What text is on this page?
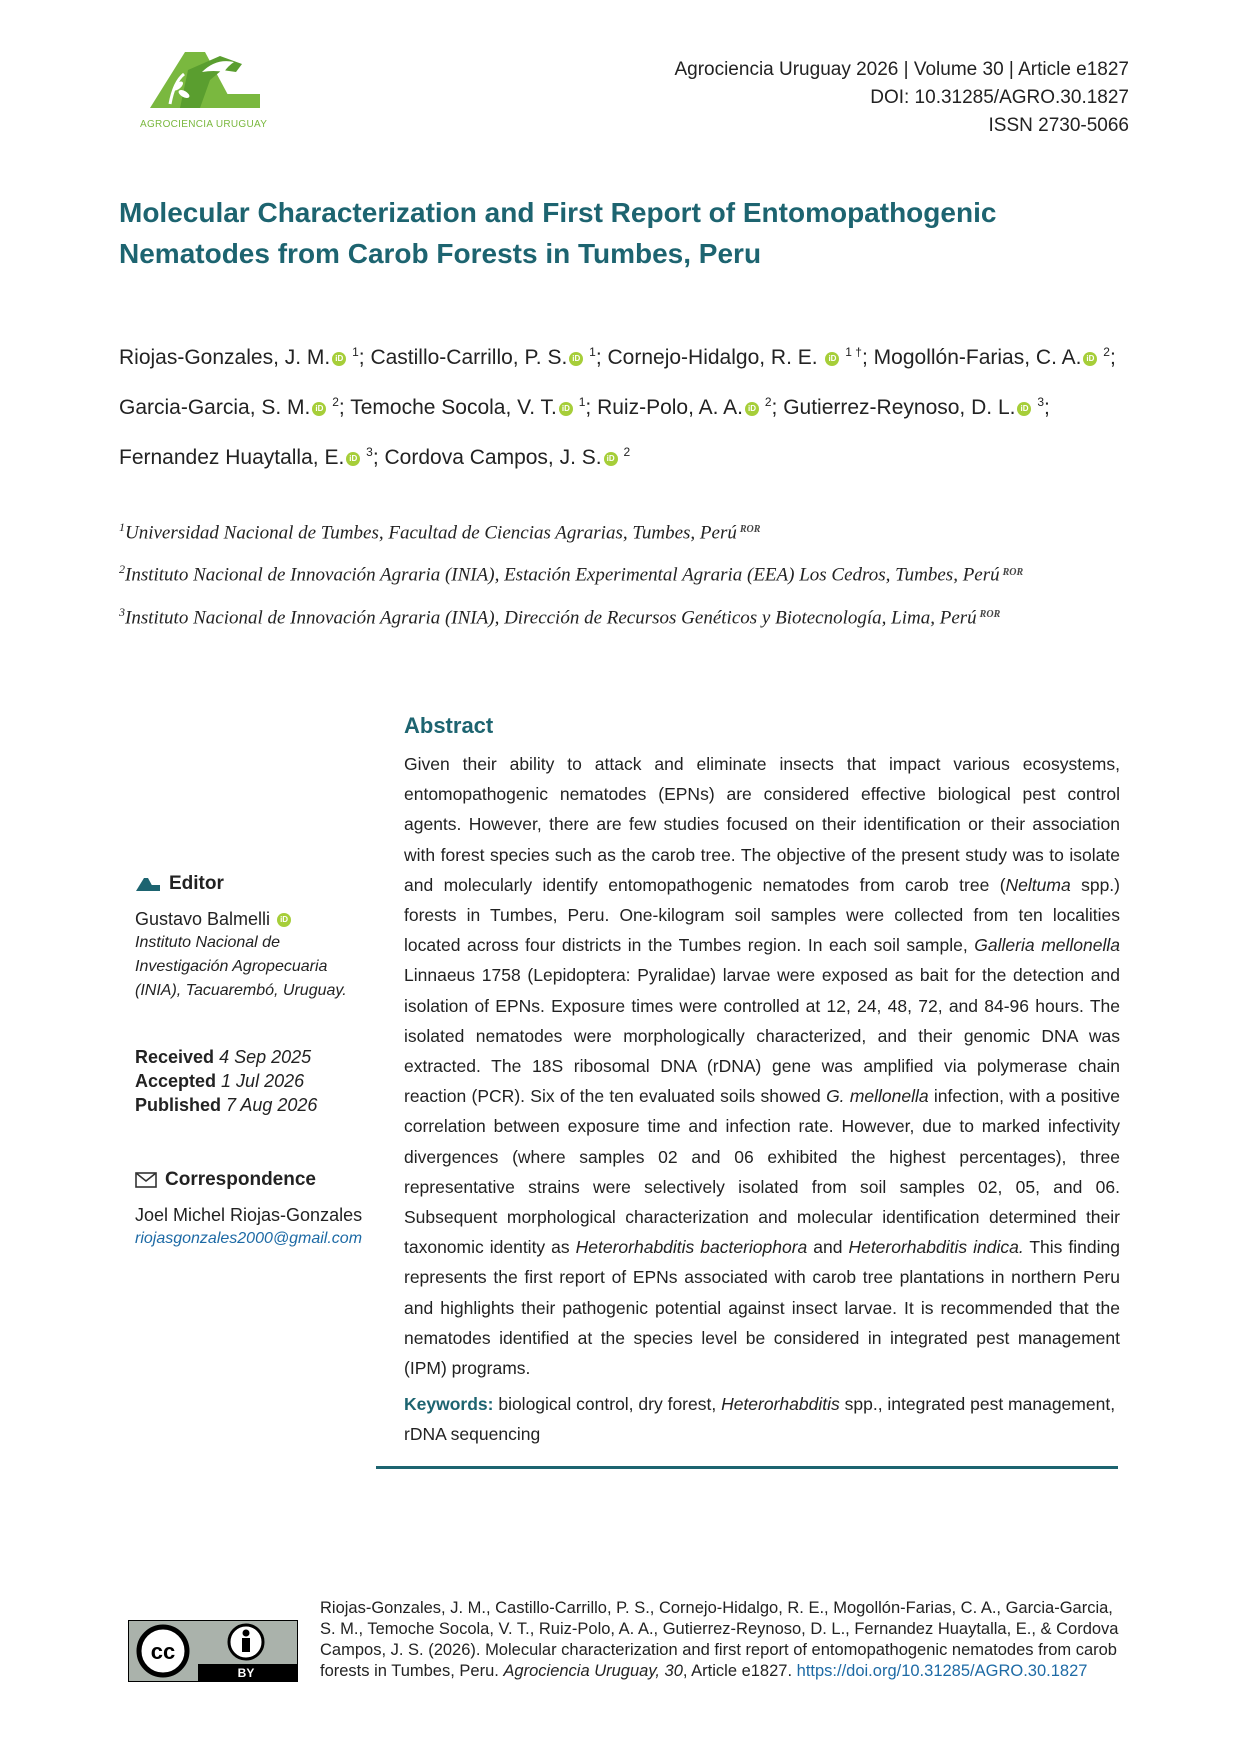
AGROCIENCIA URUGUAY
Agrociencia Uruguay 2026 | Volume 30 | Article e1827
DOI: 10.31285/AGRO.30.1827
ISSN 2730-5066
Molecular Characterization and First Report of Entomopathogenic
Nematodes from Carob Forests in Tumbes, Peru
Riojas-Gonzales, J. M. iD $^1$; Castillo-Carrillo, P. S. iD $^1$; Cornejo-Hidalgo, R. E. iD $^{1 \dagger}$; Mogollón-Farias, C. A. iD $^2$;
Garcia-Garcia, S. M. iD $^2$; Temoche Socola, V. T. iD $^1$; Ruiz-Polo, A. A. iD $^2$; Gutierrez-Reynoso, D. L. iD $^3$;
Fernandez Huaytalla, E. iD $^3$; Cordova Campos, J. S. iD $^2$
$^1$Universidad Nacional de Tumbes, Facultad de Ciencias Agrarias, Tumbes, Perú $^{ROR}$
$^2$Instituto Nacional de Innovación Agraria (INIA), Estación Experimental Agraria (EEA) Los Cedros, Tumbes, Perú $^{ROR}$
$^3$Instituto Nacional de Innovación Agraria (INIA), Dirección de Recursos Genéticos y Biotecnología, Lima, Perú $^{ROR}$
Editor
Gustavo Balmelli iD
Instituto Nacional de
Investigación Agropecuaria
(INIA), Tacuarembó, Uruguay.
Received 4 Sep 2025
Accepted 1 Jul 2026
Published 7 Aug 2026
Correspondence
Joel Michel Riojas-Gonzales
riojasgonzales2000@gmail.com
Abstract

Given their ability to attack and eliminate insects that impact various ecosystems, entomopathogenic nematodes (EPNs) are considered effective biological pest control agents. However, there are few studies focused on their identification or their association with forest species such as the carob tree. The objective of the present study was to isolate and molecularly identify entomopathogenic nematodes from carob tree (Neltuma spp.) forests in Tumbes, Peru. One-kilogram soil samples were collected from ten localities located across four districts in the Tumbes region. In each soil sample, Galleria mellonella Linnaeus 1758 (Lepidoptera: Pyralidae) larvae were exposed as bait for the detection and isolation of EPNs. Exposure times were controlled at 12, 24, 48, 72, and 84-96 hours. The isolated nematodes were morphologically characterized, and their genomic DNA was extracted. The 18S ribosomal DNA (rDNA) gene was amplified via polymerase chain reaction (PCR). Six of the ten evaluated soils showed G. mellonella infection, with a positive correlation between exposure time and infection rate. However, due to marked infectivity divergences (where samples 02 and 06 exhibited the highest percentages), three representative strains were selectively isolated from soil samples 02, 05, and 06. Subsequent morphological characterization and molecular identification determined their taxonomic identity as Heterorhabditis bacteriophora and Heterorhabditis indica. This finding represents the first report of EPNs associated with carob tree plantations in northern Peru and highlights their pathogenic potential against insect larvae. It is recommended that the nematodes identified at the species level be considered in integrated pest management (IPM) programs.

Keywords: biological control, dry forest, Heterorhabditis spp., integrated pest management, rDNA sequencing
cc
BY
Riojas-Gonzales, J. M., Castillo-Carrillo, P. S., Cornejo-Hidalgo, R. E., Mogollón-Farias, C. A., Garcia-Garcia, S. M., Temoche Socola, V. T., Ruiz-Polo, A. A., Gutierrez-Reynoso, D. L., Fernandez Huaytalla, E., & Cordova Campos, J. S. (2026). Molecular characterization and first report of entomopathogenic nematodes from carob forests in Tumbes, Peru. Agrociencia Uruguay, 30, Article e1827. https://doi.org/10.31285/AGRO.30.1827
